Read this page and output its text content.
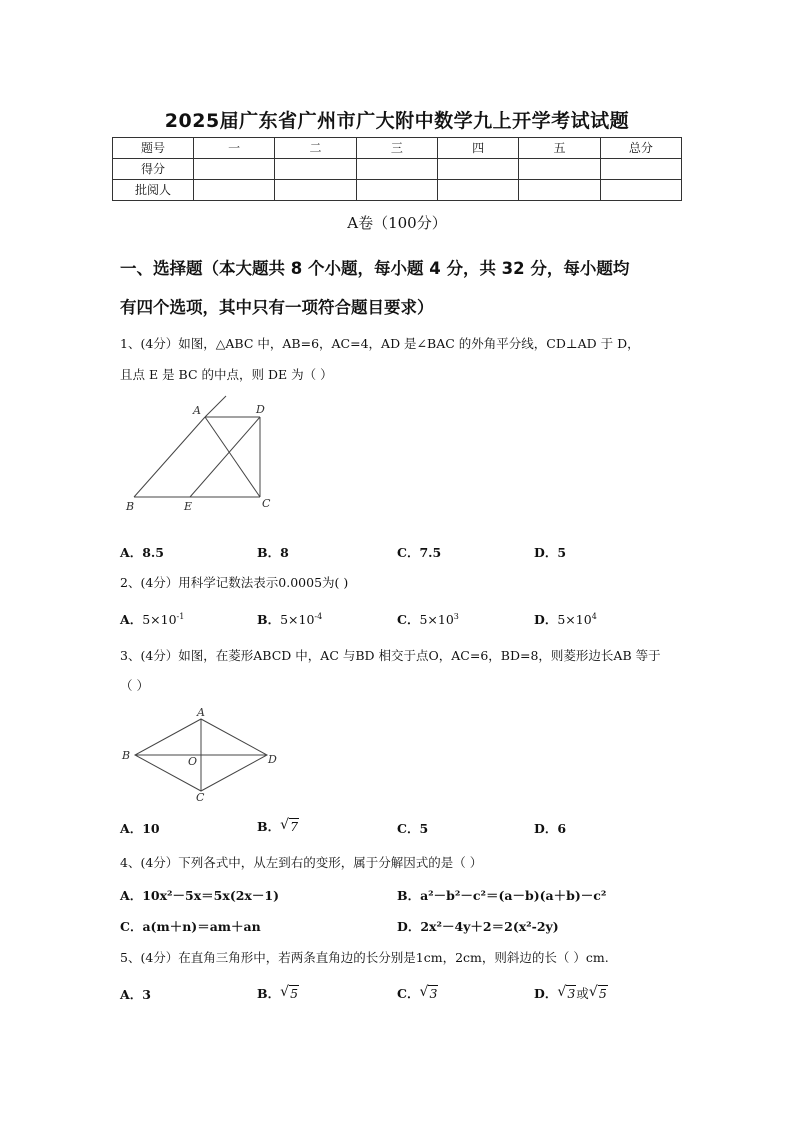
2025届广东省广州市广大附中数学九上开学考试试题
题号	一	二	三	四	五	总分
得分						
批阅人						
A卷（100分）
一、选择题（本大题共 8 个小题，每小题 4 分，共 32 分，每小题均
有四个选项，其中只有一项符合题目要求）
1、(4分）如图，△ABC 中，AB=6，AC=4，AD 是∠BAC 的外角平分线，CD⊥AD 于 D，
且点 E 是 BC 的中点，则 DE 为（ ）
A	D
B	E	C
A．8.5	B．8	C．7.5	D．5
2、(4分）用科学记数法表示0.0005为( )
A．$5\times 10^{-1}$	B．$5\times 10^{-4}$	C．$5\times 10^3$	D．$5\times 10^4$
3、(4分）如图，在菱形ABCD 中，AC 与BD 相交于点O，AC=6，BD=8，则菱形边长AB 等于
（ ）
A
B	O	D
C
A．10	B． √ 7	C．5	D．6
4、(4分）下列各式中，从左到右的变形，属于分解因式的是（ ）
A．10x²－5x＝5x(2x－1)	B．a²－b²－c²＝(a－b)(a＋b)－c²
C．a(m＋n)＝am＋an	D．2x²－4y＋2＝2(x²-2y)
5、(4分）在直角三角形中，若两条直角边的长分别是1cm，2cm，则斜边的长（ ）cm.
A．3	B． √ 5	C． √ 3	D． √ 3或 √ 5
